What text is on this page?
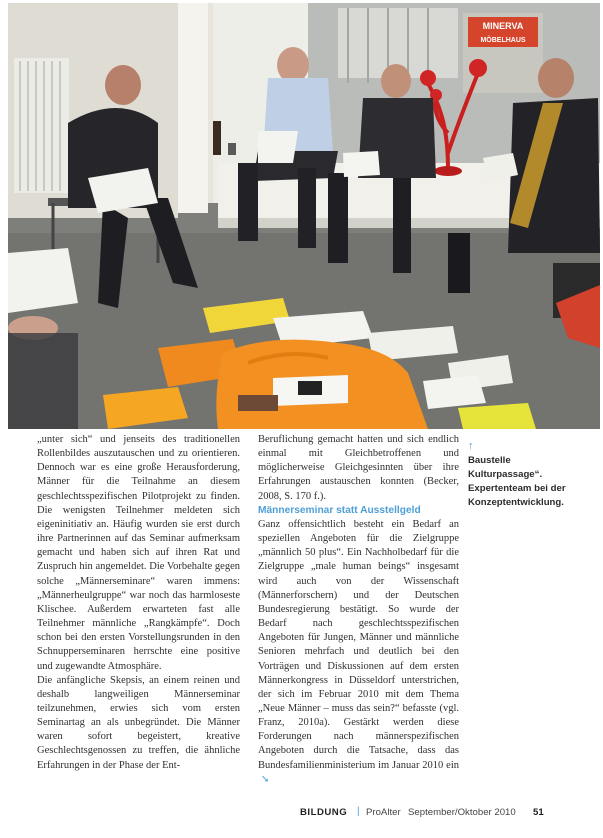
MINERVA
MÖBELHAUS

„unter sich“ und jenseits des traditionellen Rollenbildes auszutauschen und zu orientieren. Dennoch war es eine große Herausforderung, Männer für die Teilnahme an diesem geschlechtsspezifischen Pilotprojekt zu finden. Die wenigsten Teilnehmer meldeten sich eigeninitiativ an. Häufig wurden sie erst durch ihre Partnerinnen auf das Seminar aufmerksam gemacht und haben sich auf ihren Rat und Zuspruch hin angemeldet. Die Vorbehalte gegen solche „Männerseminare“ waren immens: „Männerheulgruppe“ war noch das harmloseste Klischee. Außerdem erwarteten fast alle Teilnehmer männliche „Rangkämpfe“. Doch schon bei den ersten Vorstellungsrunden in den Schnupperseminaren herrschte eine positive und zugewandte Atmosphäre.

Die anfängliche Skepsis, an einem reinen und deshalb langweiligen Männerseminar teilzunehmen, erwies sich vom ersten Seminartag an als unbegründet. Die Männer waren sofort begeistert, kreative Geschlechtsgenossen zu treffen, die ähnliche Erfahrungen in der Phase der Ent-

Beruflichung gemacht hatten und sich endlich einmal mit Gleichbetroffenen und möglicherweise Gleichgesinnten über ihre Erfahrungen austauschen konnten (Becker, 2008, S. 170 f.).

Männerseminar statt Ausstellgeld

Ganz offensichtlich besteht ein Bedarf an speziellen Angeboten für die Zielgruppe „männlich 50 plus“. Ein Nachholbedarf für die Zielgruppe „male human beings“ insgesamt wird auch von der Wissenschaft (Männerforschern) und der Deutschen Bundesregierung bestätigt. So wurde der Bedarf nach geschlechtsspezifischen Angeboten für Jungen, Männer und männliche Senioren mehrfach und deutlich bei den Vorträgen und Diskussionen auf dem ersten Männerkongress in Düsseldorf unterstrichen, der sich im Februar 2010 mit dem Thema „Neue Männer – muss das sein?“ befasste (vgl. Franz, 2010a). Gestärkt werden diese Forderungen nach männerspezifischen Angeboten durch die Tatsache, dass das Bundesfamilienministerium im Januar 2010 ein➘

↑
Baustelle Kulturpassage“. Expertenteam bei der Konzeptentwicklung.
BILDUNG | ProAlter September/Oktober 2010 51
